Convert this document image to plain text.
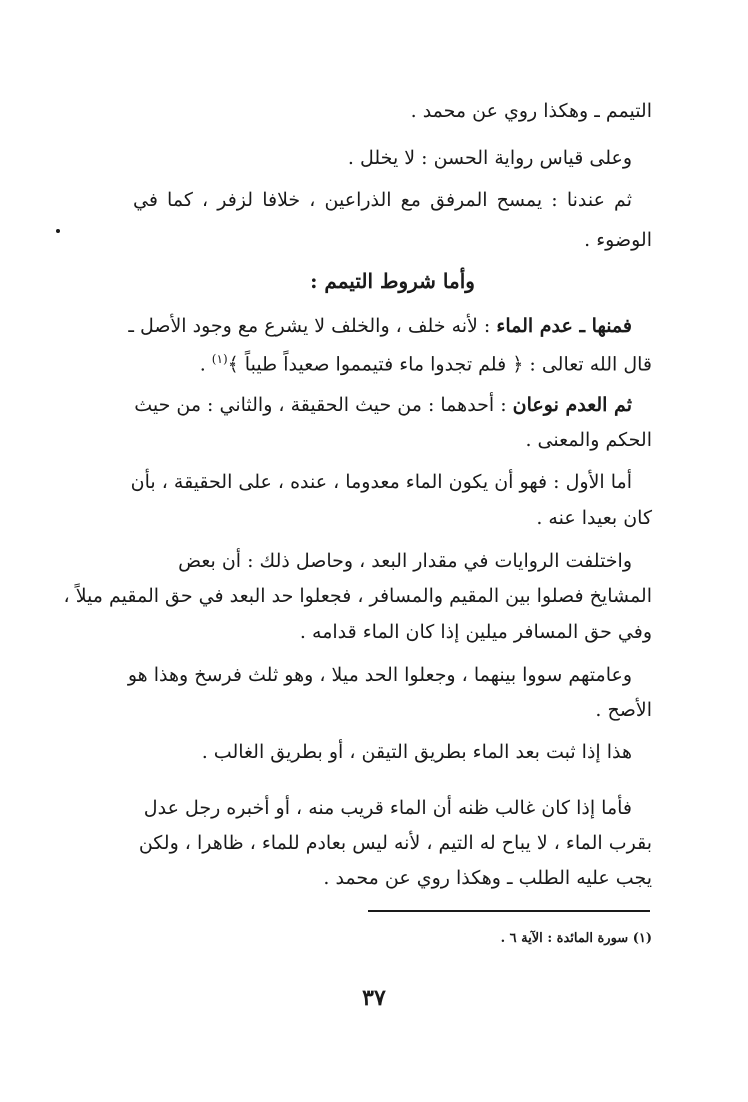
التيمم ـ وهكذا روي عن محمد .
وعلى قياس رواية الحسن : لا يخلل .
ثم عندنا : يمسح المرفق مع الذراعين ، خلافا لزفر ، كما في
الوضوء .
وأما شروط التيمم :
فمنها ـ عدم الماء : لأنه خلف ، والخلف لا يشرع مع وجود الأصل ـ
قال الله تعالى : ﴿ فلم تجدوا ماء فتيمموا صعيداً طيباً ﴾$^{(١)}$ .
ثم العدم نوعان : أحدهما : من حيث الحقيقة ، والثاني : من حيث
الحكم والمعنى .
أما الأول : فهو أن يكون الماء معدوما ، عنده ، على الحقيقة ، بأن
كان بعيدا عنه .
واختلفت الروايات في مقدار البعد ، وحاصل ذلك : أن بعض
المشايخ فصلوا بين المقيم والمسافر ، فجعلوا حد البعد في حق المقيم ميلاً ،
وفي حق المسافر ميلين إذا كان الماء قدامه .
وعامتهم سووا بينهما ، وجعلوا الحد ميلا ، وهو ثلث فرسخ وهذا هو
الأصح .
هذا إذا ثبت بعد الماء بطريق التيقن ، أو بطريق الغالب .
فأما إذا كان غالب ظنه أن الماء قريب منه ، أو أخبره رجل عدل
بقرب الماء ، لا يباح له التيم ، لأنه ليس بعادم للماء ، ظاهرا ، ولكن
يجب عليه الطلب ـ وهكذا روي عن محمد .
(١) سورة المائدة : الآية ٦ .
٣٧
